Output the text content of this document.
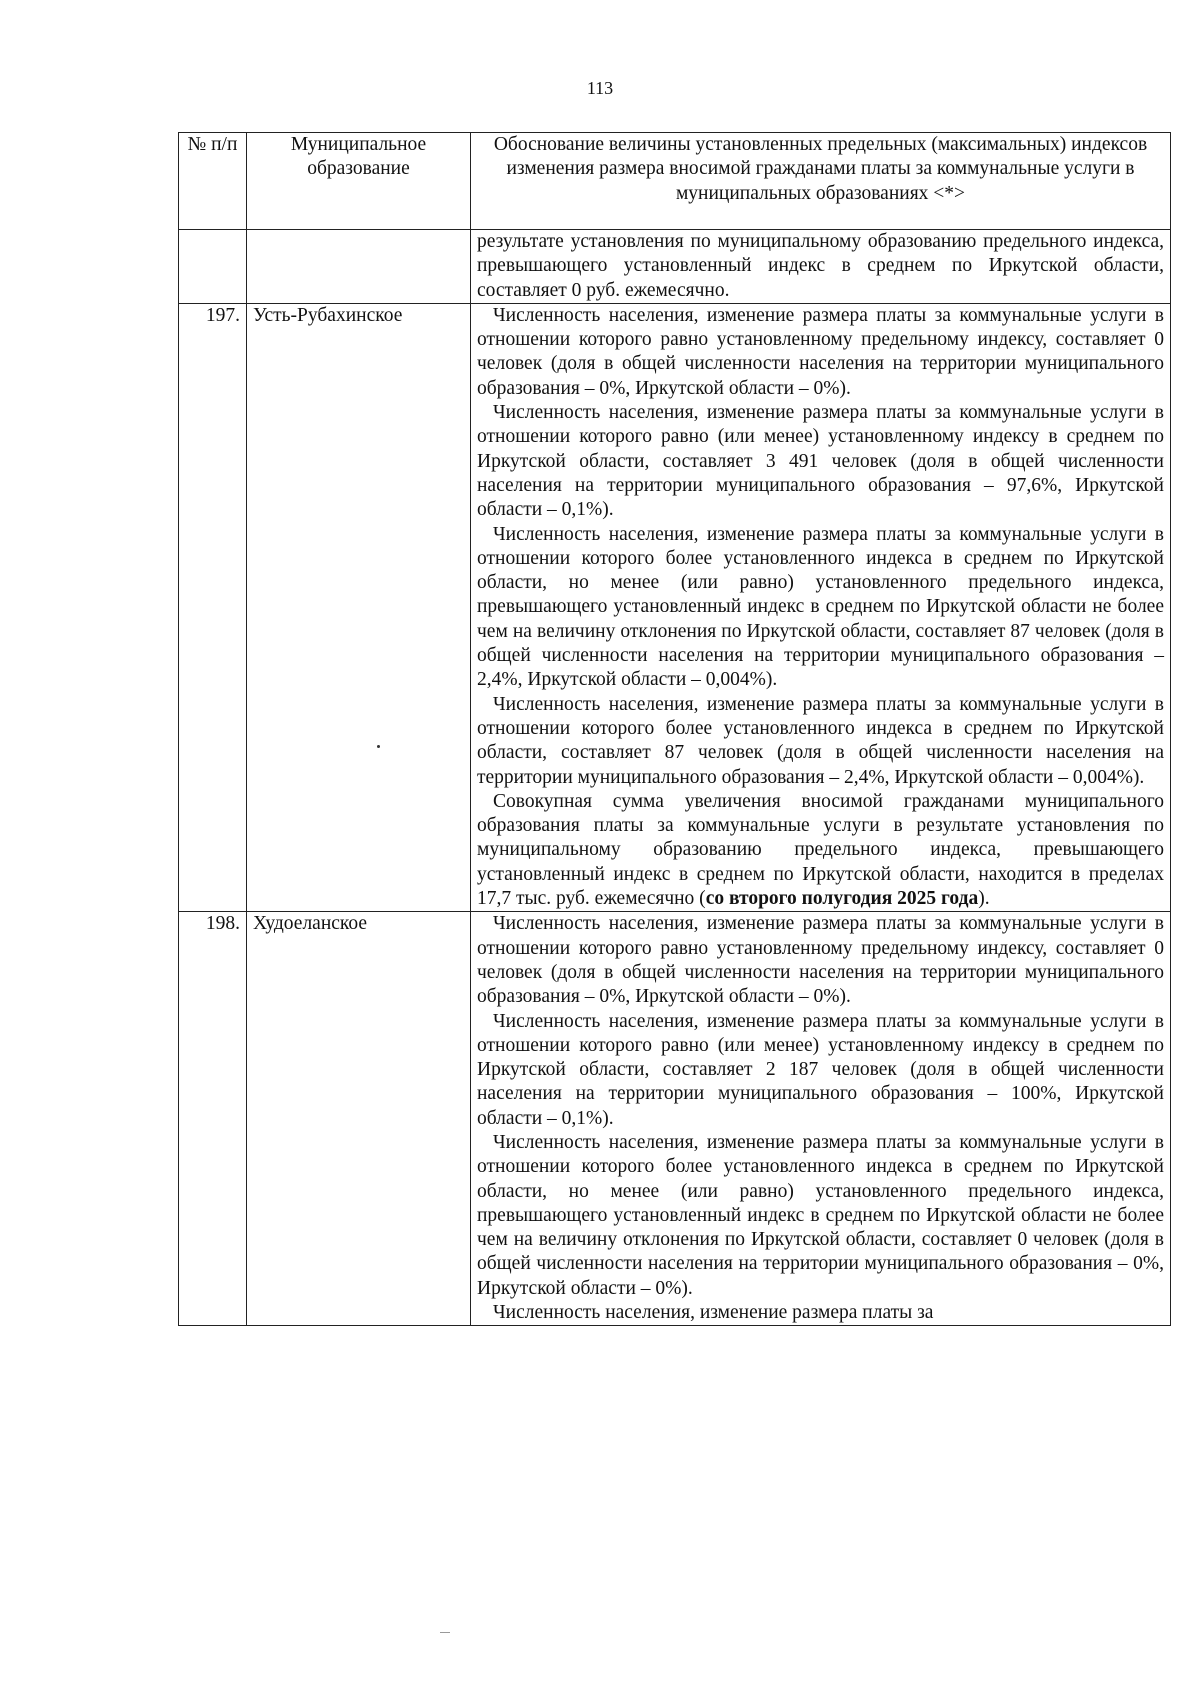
113
№ п/п	Муниципальное образование	Обоснование величины установленных предельных (максимальных) индексов изменения размера вносимой гражданами платы за коммунальные услуги в муниципальных образованиях <*>

		результате установления по муниципальному образованию предельного индекса, превышающего установленный индекс в среднем по Иркутской области, составляет 0 руб. ежемесячно.

197.	Усть-Рубахинское	Численность населения, изменение размера платы за коммунальные услуги в отношении которого равно установленному предельному индексу, составляет 0 человек (доля в общей численности населения на территории муниципального образования – 0%, Иркутской области – 0%).

Численность населения, изменение размера платы за коммунальные услуги в отношении которого равно (или менее) установленному индексу в среднем по Иркутской области, составляет 3 491 человек (доля в общей численности населения на территории муниципального образования – 97,6%, Иркутской области – 0,1%).

Численность населения, изменение размера платы за коммунальные услуги в отношении которого более установленного индекса в среднем по Иркутской области, но менее (или равно) установленного предельного индекса, превышающего установленный индекс в среднем по Иркутской области не более чем на величину отклонения по Иркутской области, составляет 87 человек (доля в общей численности населения на территории муниципального образования – 2,4%, Иркутской области – 0,004%).

Численность населения, изменение размера платы за коммунальные услуги в отношении которого более установленного индекса в среднем по Иркутской области, составляет 87 человек (доля в общей численности населения на территории муниципального образования – 2,4%, Иркутской области – 0,004%).

Совокупная сумма увеличения вносимой гражданами муниципального образования платы за коммунальные услуги в результате установления по муниципальному образованию предельного индекса, превышающего установленный индекс в среднем по Иркутской области, находится в пределах 17,7 тыс. руб. ежемесячно (со второго полугодия 2025 года).

198.	Худоеланское	Численность населения, изменение размера платы за коммунальные услуги в отношении которого равно установленному предельному индексу, составляет 0 человек (доля в общей численности населения на территории муниципального образования – 0%, Иркутской области – 0%).

Численность населения, изменение размера платы за коммунальные услуги в отношении которого равно (или менее) установленному индексу в среднем по Иркутской области, составляет 2 187 человек (доля в общей численности населения на территории муниципального образования – 100%, Иркутской области – 0,1%).

Численность населения, изменение размера платы за коммунальные услуги в отношении которого более установленного индекса в среднем по Иркутской области, но менее (или равно) установленного предельного индекса, превышающего установленный индекс в среднем по Иркутской области не более чем на величину отклонения по Иркутской области, составляет 0 человек (доля в общей численности населения на территории муниципального образования – 0%, Иркутской области – 0%).

Численность населения, изменение размера платы за
